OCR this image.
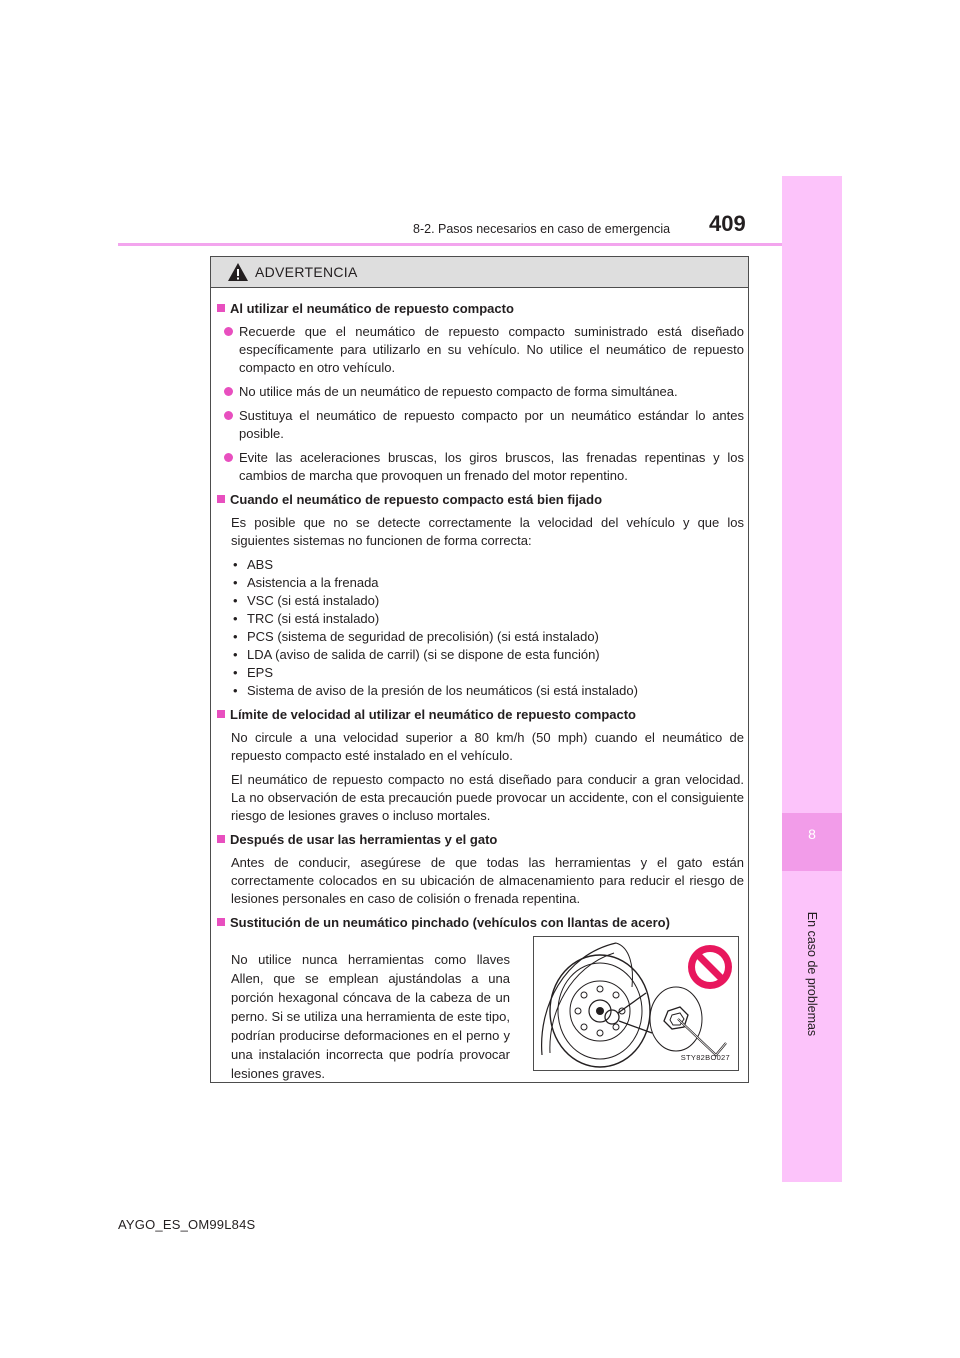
8
En caso de problemas
8-2. Pasos necesarios en caso de emergencia 409
ADVERTENCIA
Al utilizar el neumático de repuesto compacto
Recuerde que el neumático de repuesto compacto suministrado está diseñado específicamente para utilizarlo en su vehículo. No utilice el neumático de repuesto compacto en otro vehículo.
No utilice más de un neumático de repuesto compacto de forma simultánea.
Sustituya el neumático de repuesto compacto por un neumático estándar lo antes posible.
Evite las aceleraciones bruscas, los giros bruscos, las frenadas repentinas y los cambios de marcha que provoquen un frenado del motor repentino.
Cuando el neumático de repuesto compacto está bien fijado
Es posible que no se detecte correctamente la velocidad del vehículo y que los siguientes sistemas no funcionen de forma correcta:
• ABS
• Asistencia a la frenada
• VSC (si está instalado)
• TRC (si está instalado)
• PCS (sistema de seguridad de precolisión) (si está instalado)
• LDA (aviso de salida de carril) (si se dispone de esta función)
• EPS
• Sistema de aviso de la presión de los neumáticos (si está instalado)
Límite de velocidad al utilizar el neumático de repuesto compacto
No circule a una velocidad superior a 80 km/h (50 mph) cuando el neumático de repuesto compacto esté instalado en el vehículo.
El neumático de repuesto compacto no está diseñado para conducir a gran velocidad. La no observación de esta precaución puede provocar un accidente, con el consiguiente riesgo de lesiones graves o incluso mortales.
Después de usar las herramientas y el gato
Antes de conducir, asegúrese de que todas las herramientas y el gato están correctamente colocados en su ubicación de almacenamiento para reducir el riesgo de lesiones personales en caso de colisión o frenada repentina.
Sustitución de un neumático pinchado (vehículos con llantas de acero)
No utilice nunca herramientas como llaves Allen, que se emplean ajustándolas a una porción hexagonal cóncava de la cabeza de un perno. Si se utiliza una herramienta de este tipo, podrían producirse deformaciones en el perno y una instalación incorrecta que podría provocar lesiones graves.
STY82BO027
AYGO_ES_OM99L84S
